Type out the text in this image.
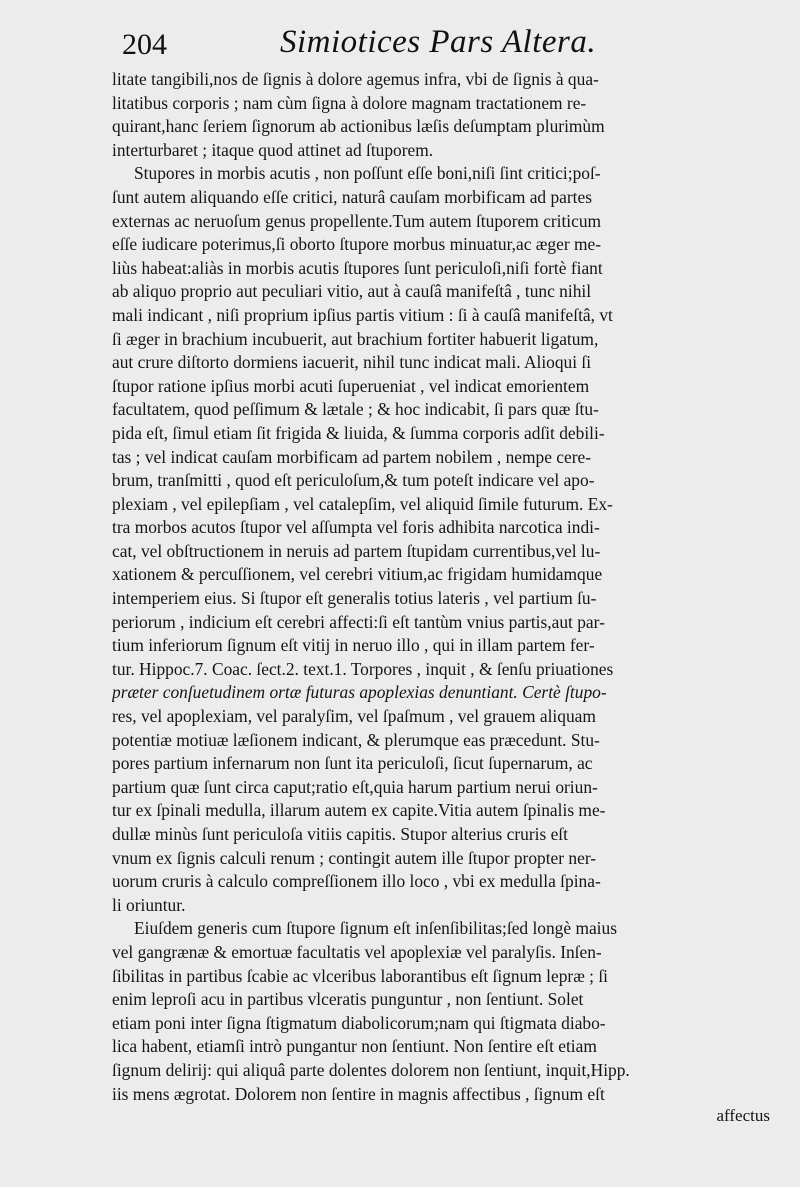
204	Simiotices Pars Altera.
litate tangibili,nos de ſignis à dolore agemus infra, vbi de ſignis à qua-
litatibus corporis ; nam cùm ſigna à dolore magnam tractationem re-
quirant,hanc ſeriem ſignorum ab actionibus læſis deſumptam plurimùm
interturbaret ; itaque quod attinet ad ſtuporem.
Stupores in morbis acutis , non poſſunt eſſe boni,niſi ſint critici;poſ-
ſunt autem aliquando eſſe critici, naturâ cauſam morbificam ad partes
externas ac neruoſum genus propellente.Tum autem ſtuporem criticum
eſſe iudicare poterimus,ſi oborto ſtupore morbus minuatur,ac æger me-
liùs habeat:aliàs in morbis acutis ſtupores ſunt periculoſi,niſi fortè fiant
ab aliquo proprio aut peculiari vitio, aut à cauſâ manifeſtâ , tunc nihil
mali indicant , niſi proprium ipſius partis vitium : ſi à cauſâ manifeſtâ, vt
ſi æger in brachium incubuerit, aut brachium fortiter habuerit ligatum,
aut crure diſtorto dormiens iacuerit, nihil tunc indicat mali. Alioqui ſi
ſtupor ratione ipſius morbi acuti ſuperueniat , vel indicat emorientem
facultatem, quod peſſimum & lætale ; & hoc indicabit, ſi pars quæ ſtu-
pida eſt, ſimul etiam ſit frigida & liuida, & ſumma corporis adſit debili-
tas ; vel indicat cauſam morbificam ad partem nobilem , nempe cere-
brum, tranſmitti , quod eſt periculoſum,& tum poteſt indicare vel apo-
plexiam , vel epilepſiam , vel catalepſim, vel aliquid ſimile futurum. Ex-
tra morbos acutos ſtupor vel aſſumpta vel foris adhibita narcotica indi-
cat, vel obſtructionem in neruis ad partem ſtupidam currentibus,vel lu-
xationem & percuſſionem, vel cerebri vitium,ac frigidam humidamque
intemperiem eius. Si ſtupor eſt generalis totius lateris , vel partium ſu-
periorum , indicium eſt cerebri affecti:ſi eſt tantùm vnius partis,aut par-
tium inferiorum ſignum eſt vitij in neruo illo , qui in illam partem fer-
tur. Hippoc.7. Coac. ſect.2. text.1. Torpores , inquit , & ſenſu priuationes
præter conſuetudinem ortæ futuras apoplexias denuntiant. Certè ſtupo-
res, vel apoplexiam, vel paralyſim, vel ſpaſmum , vel grauem aliquam
potentiæ motiuæ læſionem indicant, & plerumque eas præcedunt. Stu-
pores partium infernarum non ſunt ita periculoſi, ſicut ſupernarum, ac
partium quæ ſunt circa caput;ratio eſt,quia harum partium nerui oriun-
tur ex ſpinali medulla, illarum autem ex capite.Vitia autem ſpinalis me-
dullæ minùs ſunt periculoſa vitiis capitis. Stupor alterius cruris eſt
vnum ex ſignis calculi renum ; contingit autem ille ſtupor propter ner-
uorum cruris à calculo compreſſionem illo loco , vbi ex medulla ſpina-
li oriuntur.
Eiuſdem generis cum ſtupore ſignum eſt inſenſibilitas;ſed longè maius
vel gangrænæ & emortuæ facultatis vel apoplexiæ vel paralyſis. Inſen-
ſibilitas in partibus ſcabie ac vlceribus laborantibus eſt ſignum lepræ ; ſi
enim leproſi acu in partibus vlceratis punguntur , non ſentiunt. Solet
etiam poni inter ſigna ſtigmatum diabolicorum;nam qui ſtigmata diabo-
lica habent, etiamſi intrò pungantur non ſentiunt. Non ſentire eſt etiam
ſignum delirij: qui aliquâ parte dolentes dolorem non ſentiunt, inquit,Hipp.
iis mens ægrotat. Dolorem non ſentire in magnis affectibus , ſignum eſt
affectus
